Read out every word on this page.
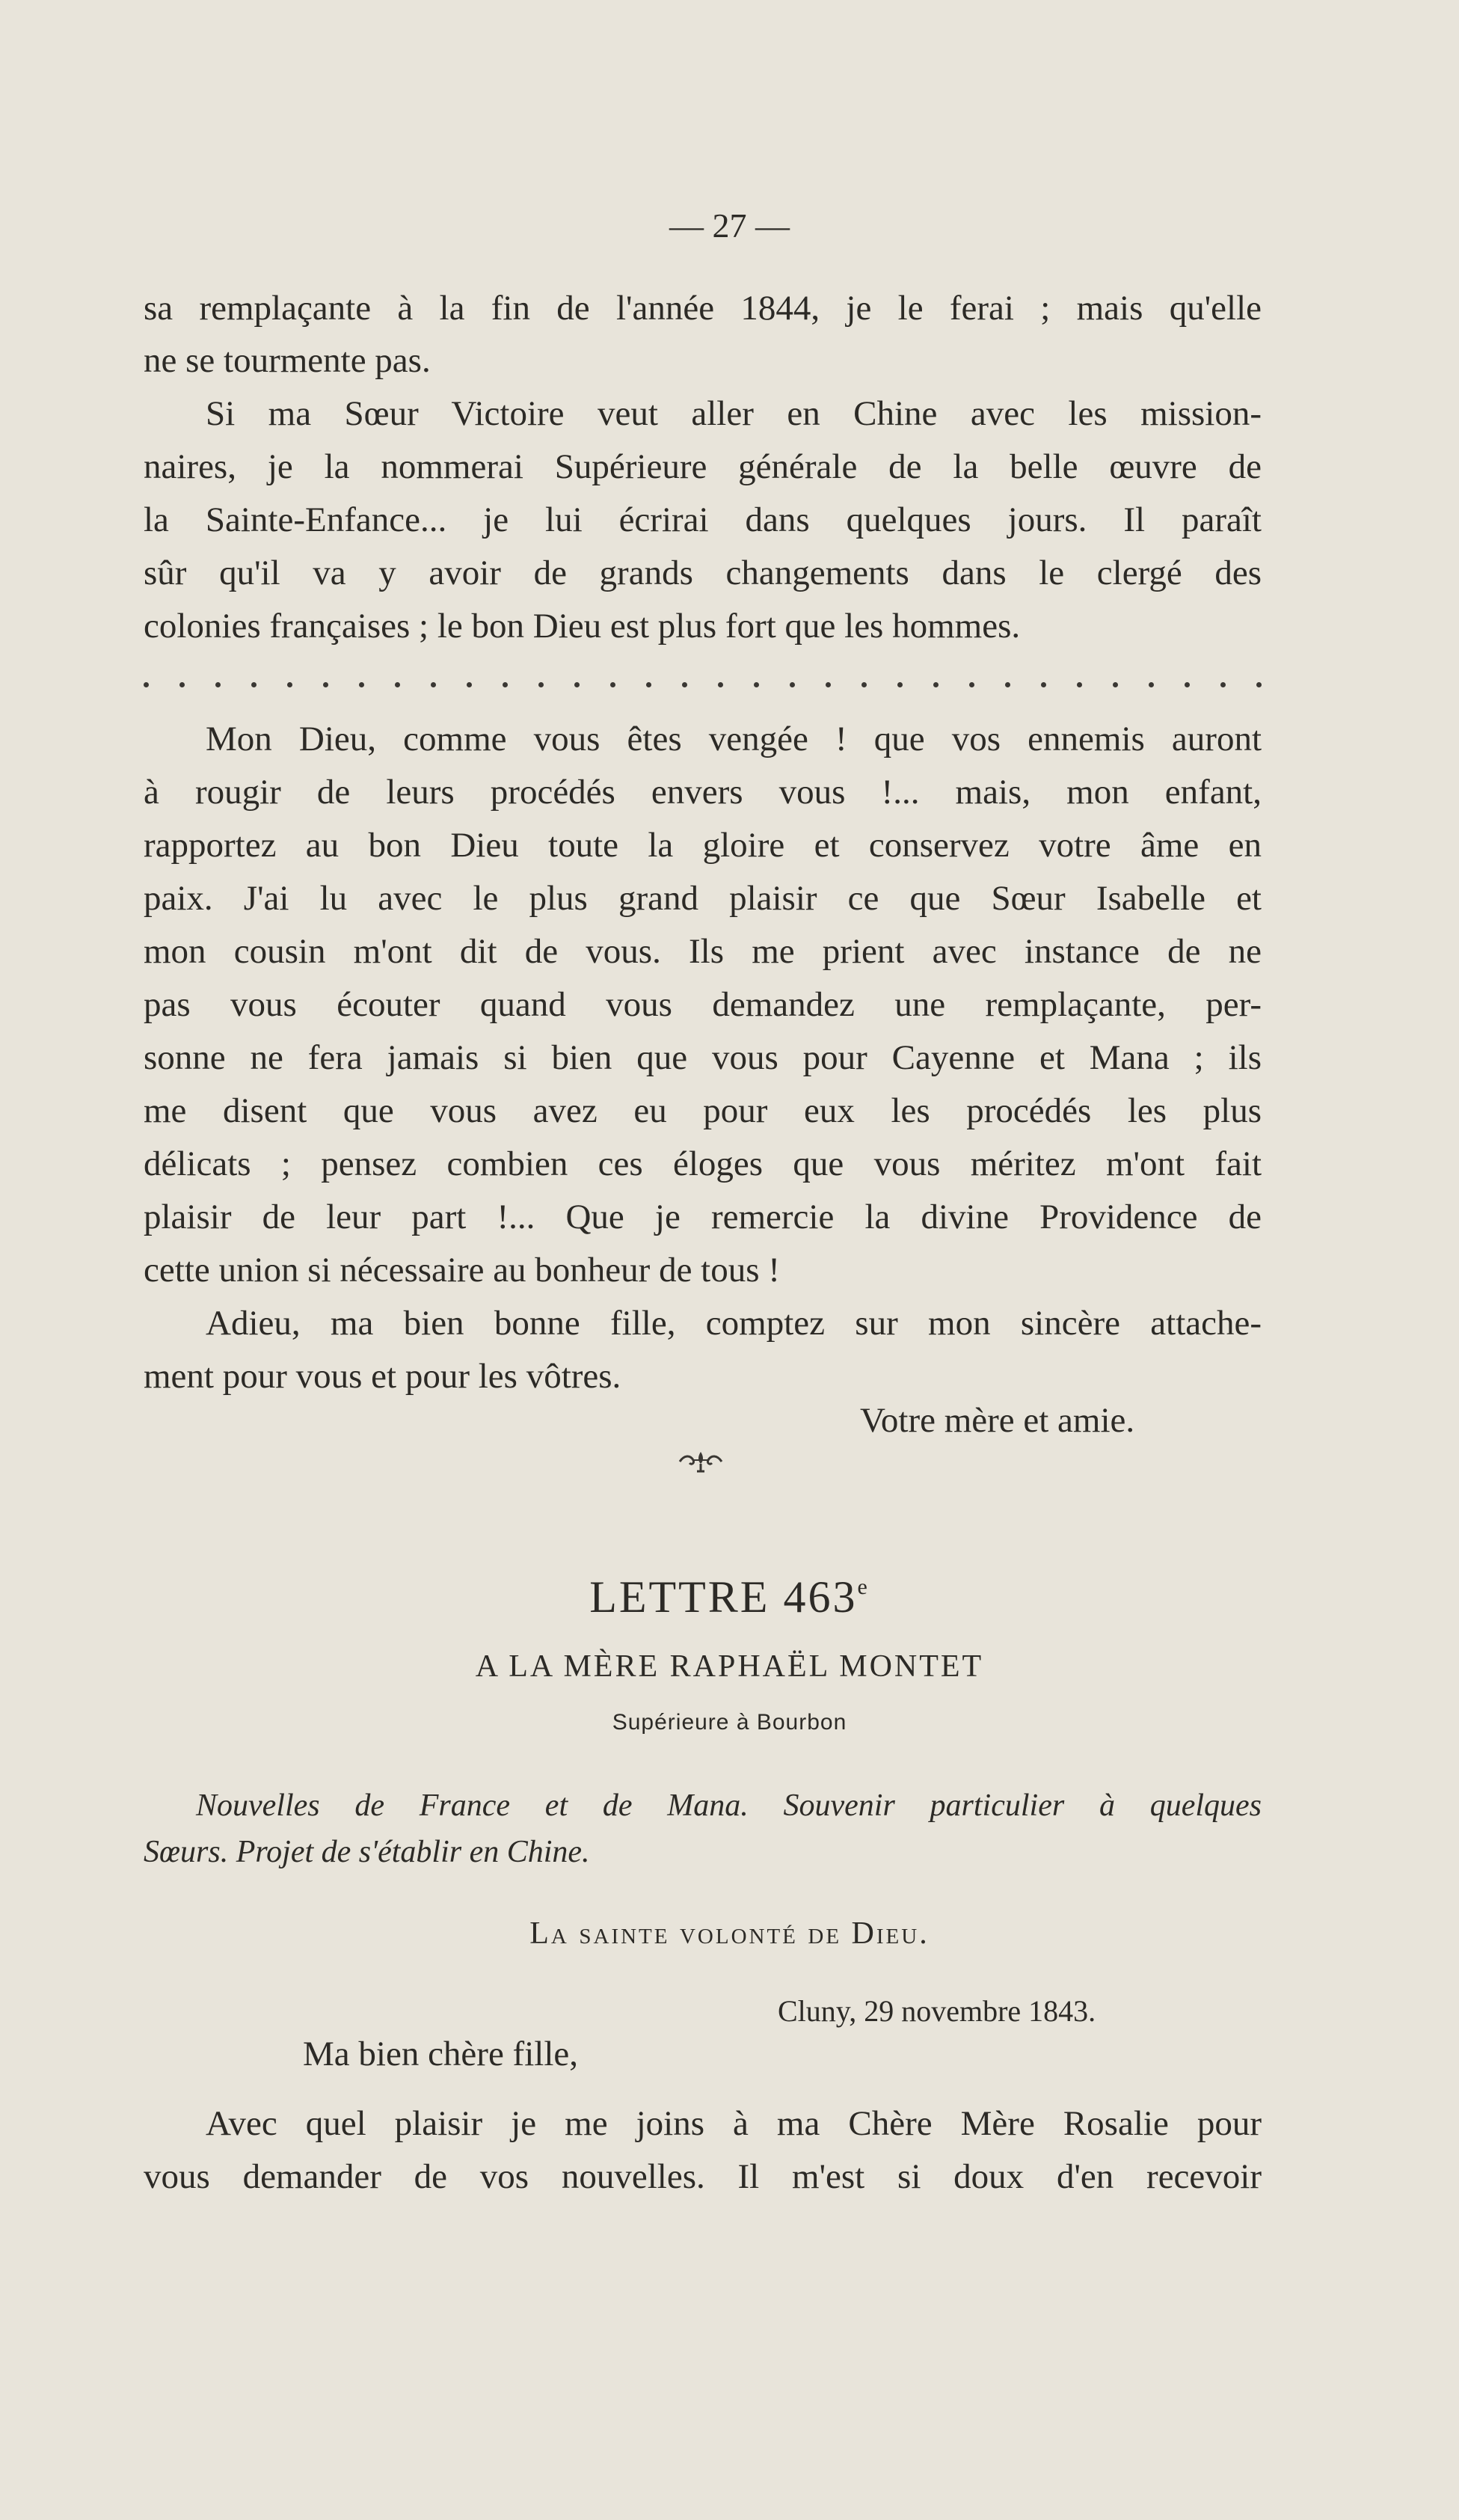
— 27 —
sa remplaçante à la fin de l'année 1844, je le ferai ; mais qu'elle
ne se tourmente pas.
Si ma Sœur Victoire veut aller en Chine avec les mission-
naires, je la nommerai Supérieure générale de la belle œuvre de
la Sainte-Enfance... je lui écrirai dans quelques jours. Il paraît
sûr qu'il va y avoir de grands changements dans le clergé des
colonies françaises ; le bon Dieu est plus fort que les hommes.
Mon Dieu, comme vous êtes vengée ! que vos ennemis auront
à rougir de leurs procédés envers vous !... mais, mon enfant,
rapportez au bon Dieu toute la gloire et conservez votre âme en
paix. J'ai lu avec le plus grand plaisir ce que Sœur Isabelle et
mon cousin m'ont dit de vous. Ils me prient avec instance de ne
pas vous écouter quand vous demandez une remplaçante, per-
sonne ne fera jamais si bien que vous pour Cayenne et Mana ; ils
me disent que vous avez eu pour eux les procédés les plus
délicats ; pensez combien ces éloges que vous méritez m'ont fait
plaisir de leur part !... Que je remercie la divine Providence de
cette union si nécessaire au bonheur de tous !
Adieu, ma bien bonne fille, comptez sur mon sincère attache-
ment pour vous et pour les vôtres.
Votre mère et amie.
LETTRE 463e
A LA MÈRE RAPHAËL MONTET
Supérieure à Bourbon
Nouvelles de France et de Mana. Souvenir particulier à quelques
Sœurs. Projet de s'établir en Chine.
La sainte volonté de Dieu.
Cluny, 29 novembre 1843.
Ma bien chère fille,
Avec quel plaisir je me joins à ma Chère Mère Rosalie pour
vous demander de vos nouvelles. Il m'est si doux d'en recevoir
